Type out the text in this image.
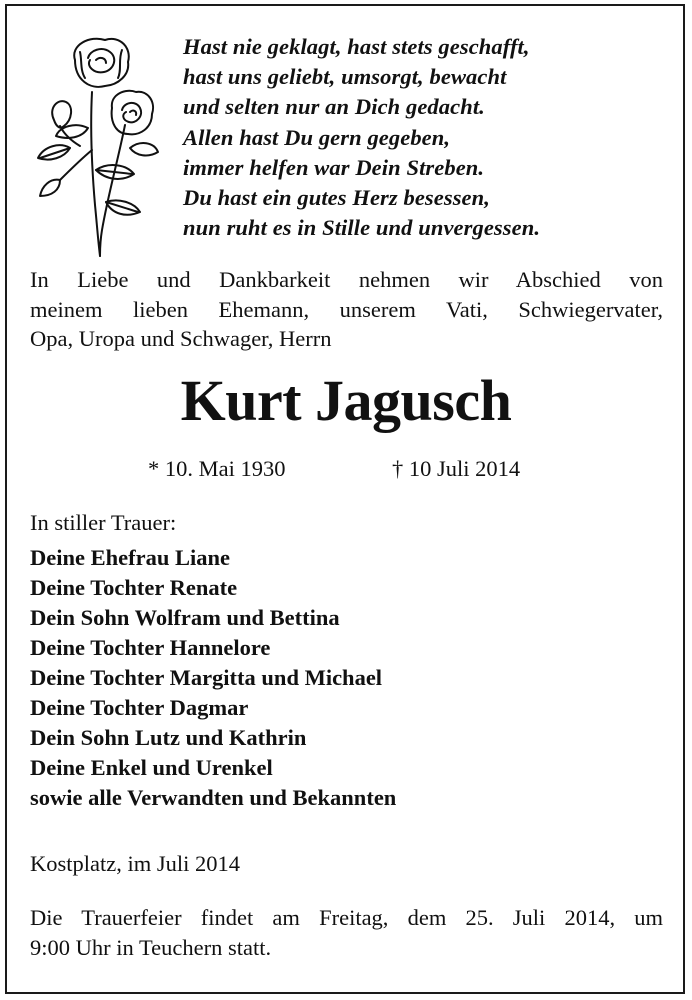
Hast nie geklagt, hast stets geschafft,
hast uns geliebt, umsorgt, bewacht
und selten nur an Dich gedacht.
Allen hast Du gern gegeben,
immer helfen war Dein Streben.
Du hast ein gutes Herz besessen,
nun ruht es in Stille und unvergessen.
In Liebe und Dankbarkeit nehmen wir Abschied von
meinem lieben Ehemann, unserem Vati, Schwiegervater,
Opa, Uropa und Schwager, Herrn
Kurt Jagusch
* 10. Mai 1930	† 10 Juli 2014
In stiller Trauer:
Deine Ehefrau Liane
Deine Tochter Renate
Dein Sohn Wolfram und Bettina
Deine Tochter Hannelore
Deine Tochter Margitta und Michael
Deine Tochter Dagmar
Dein Sohn Lutz und Kathrin
Deine Enkel und Urenkel
sowie alle Verwandten und Bekannten
Kostplatz, im Juli 2014
Die Trauerfeier findet am Freitag, dem 25. Juli 2014, um
9:00 Uhr in Teuchern statt.
